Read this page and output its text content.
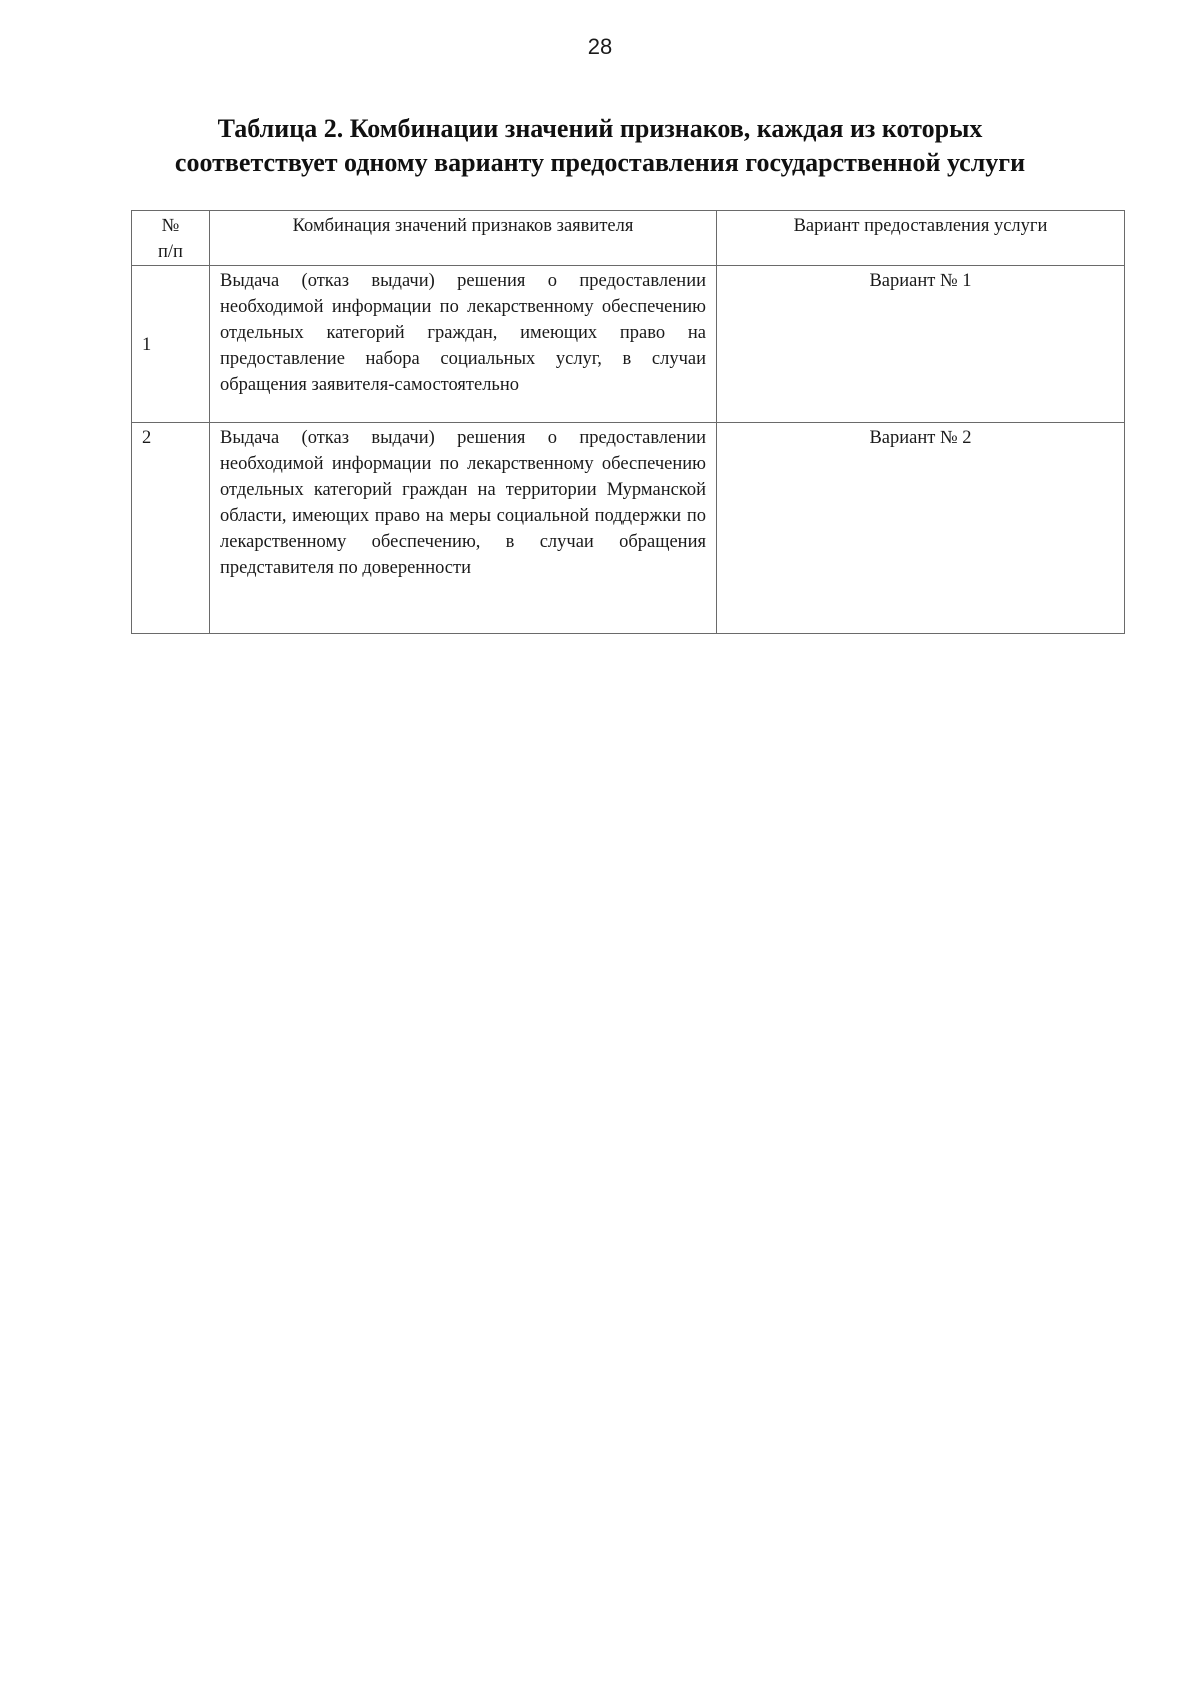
28
Таблица 2. Комбинации значений признаков, каждая из которых
соответствует одному варианту предоставления государственной услуги
№
п/п	Комбинация значений признаков заявителя	Вариант предоставления услуги
1	Выдача (отказ выдачи) решения о предоставлении необходимой информации по лекарственному обеспечению отдельных категорий граждан, имеющих право на предоставление набора социальных услуг, в случаи обращения заявителя-самостоятельно	Вариант № 1
2	Выдача (отказ выдачи) решения о предоставлении необходимой информации по лекарственному обеспечению отдельных категорий граждан на территории Мурманской области, имеющих право на меры социальной поддержки по лекарственному обеспечению, в случаи обращения представителя по доверенности	Вариант № 2
